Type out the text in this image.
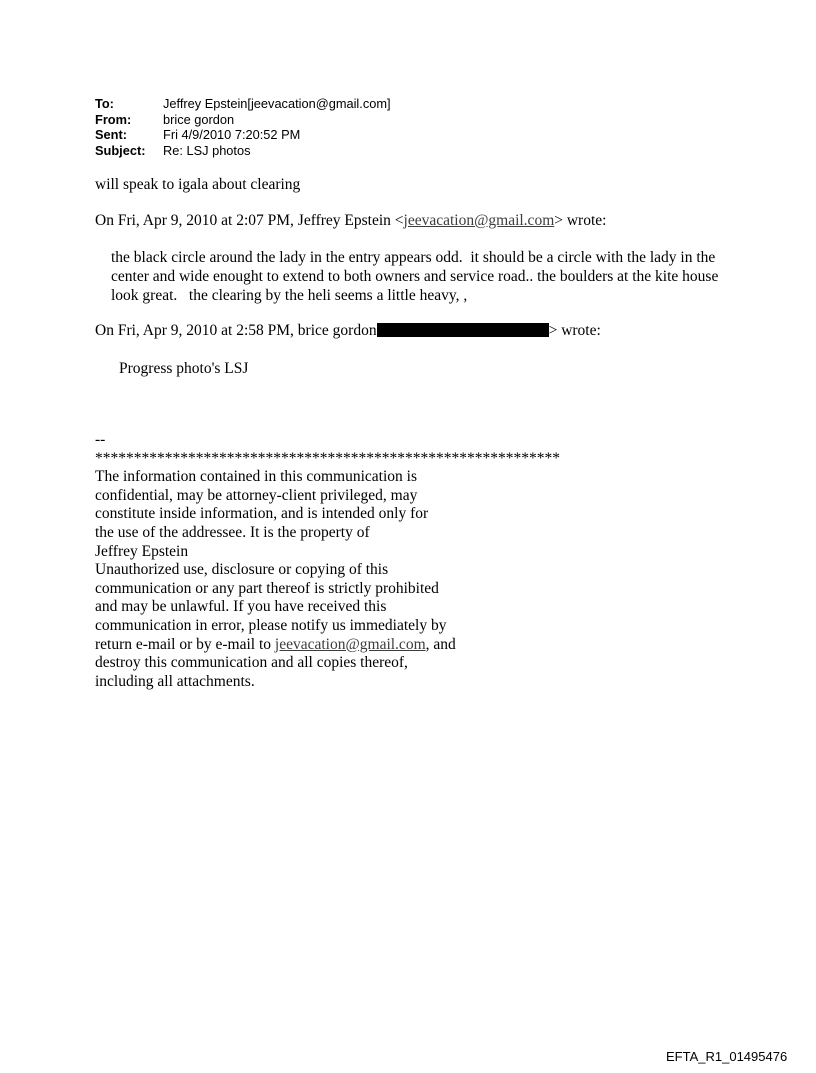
To:	Jeffrey Epstein[jeevacation@gmail.com]
From: brice gordon
Sent:	Fri 4/9/2010 7:20:52 PM
Subject: Re: LSJ photos
will speak to igala about clearing
On Fri, Apr 9, 2010 at 2:07 PM, Jeffrey Epstein <jeevacation@gmail.com> wrote:
the black circle around the lady in the entry appears odd.  it should be a circle with the lady in the center and wide enought to extend to both owners and service road.. the boulders at the kite house look great.   the clearing by the heli seems a little heavy, ,
On Fri, Apr 9, 2010 at 2:58 PM, brice gordon	> wrote:
Progress photo's LSJ
--
************************************************************
The information contained in this communication is
confidential, may be attorney-client privileged, may
constitute inside information, and is intended only for
the use of the addressee. It is the property of
Jeffrey Epstein
Unauthorized use, disclosure or copying of this
communication or any part thereof is strictly prohibited
and may be unlawful. If you have received this
communication in error, please notify us immediately by
return e-mail or by e-mail to jeevacation@gmail.com, and
destroy this communication and all copies thereof,
including all attachments.
EFTA_R1_01495476
